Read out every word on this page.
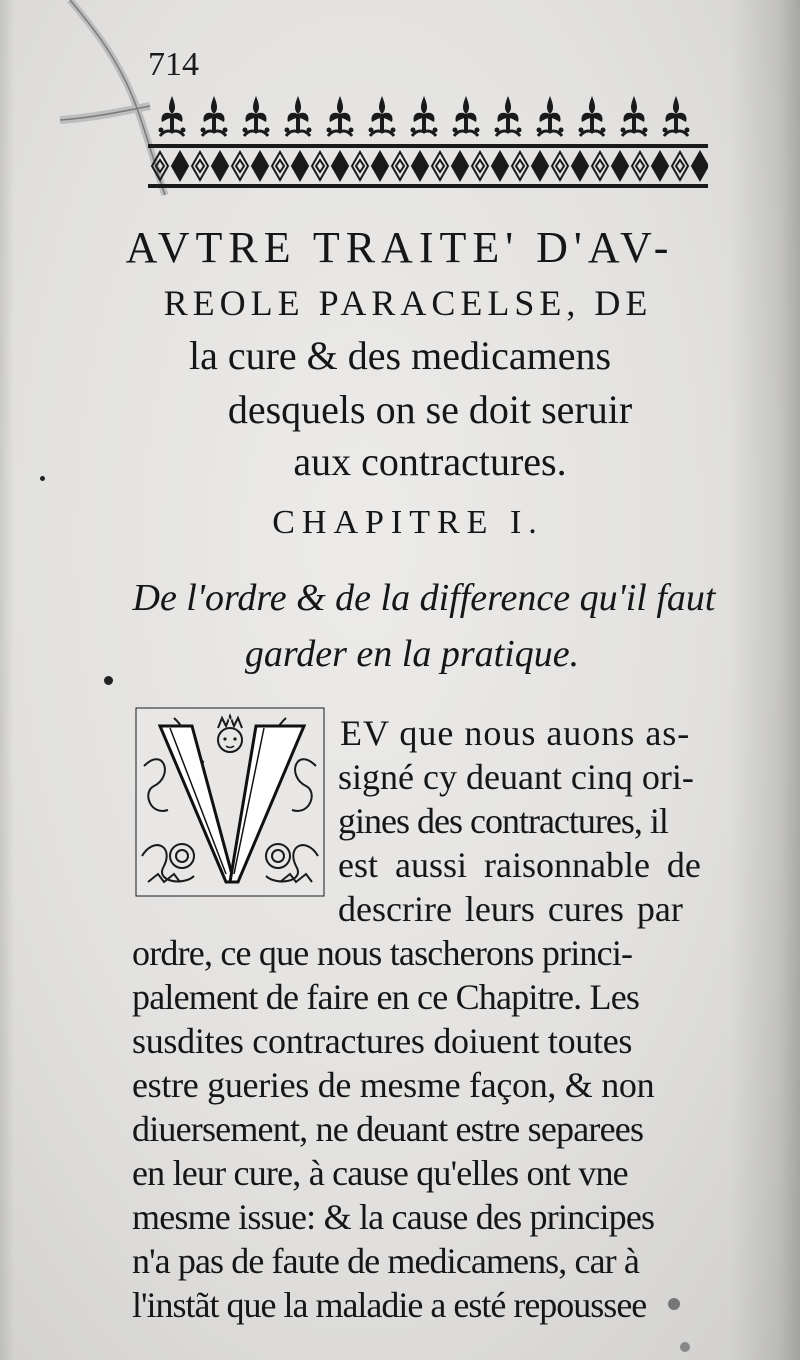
714
AVTRE TRAITE' D'AV-
REOLE PARACELSE, DE
la cure & des medicamens
desquels on se doit seruir
aux contractures.
CHAPITRE I.
De l'ordre & de la difference qu'il faut
garder en la pratique.
V	EV que nous auons as-
signé cy deuant cinq ori-
gines des contractures, il
est aussi raisonnable de
descrire leurs cures par
ordre, ce que nous tascherons princi-
palement de faire en ce Chapitre. Les
susdites contractures doiuent toutes
estre gueries de mesme façon, & non
diuersement, ne deuant estre separees
en leur cure, à cause qu'elles ont vne
mesme issue: & la cause des principes
n'a pas de faute de medicamens, car à
l'instãt que la maladie a esté repoussee
